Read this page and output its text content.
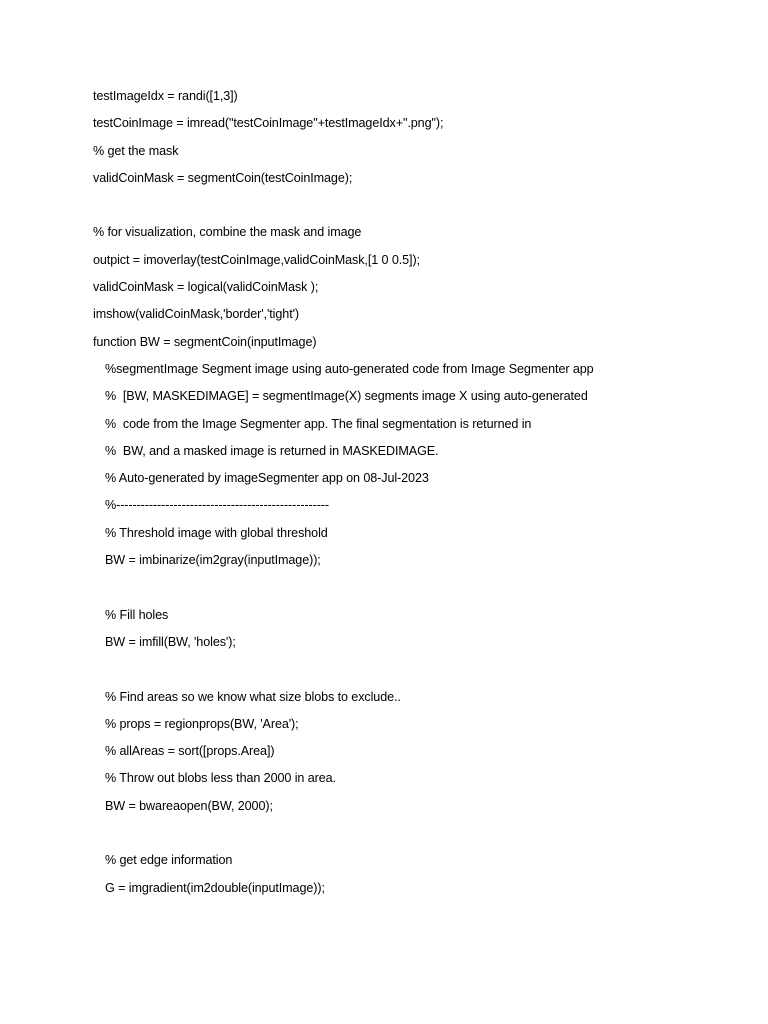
testImageIdx = randi([1,3])
testCoinImage = imread("testCoinImage"+testImageIdx+".png");
% get the mask
validCoinMask = segmentCoin(testCoinImage);
% for visualization, combine the mask and image
outpict = imoverlay(testCoinImage,validCoinMask,[1 0 0.5]);
validCoinMask = logical(validCoinMask );
imshow(validCoinMask,'border','tight')
function BW = segmentCoin(inputImage)
%segmentImage Segment image using auto-generated code from Image Segmenter app
%  [BW, MASKEDIMAGE] = segmentImage(X) segments image X using auto-generated
%  code from the Image Segmenter app. The final segmentation is returned in
%  BW, and a masked image is returned in MASKEDIMAGE.
% Auto-generated by imageSegmenter app on 08-Jul-2023
%----------------------------------------------------
% Threshold image with global threshold
BW = imbinarize(im2gray(inputImage));
% Fill holes
BW = imfill(BW, 'holes');
% Find areas so we know what size blobs to exclude..
% props = regionprops(BW, 'Area');
% allAreas = sort([props.Area])
% Throw out blobs less than 2000 in area.
BW = bwareaopen(BW, 2000);
% get edge information
G = imgradient(im2double(inputImage));
